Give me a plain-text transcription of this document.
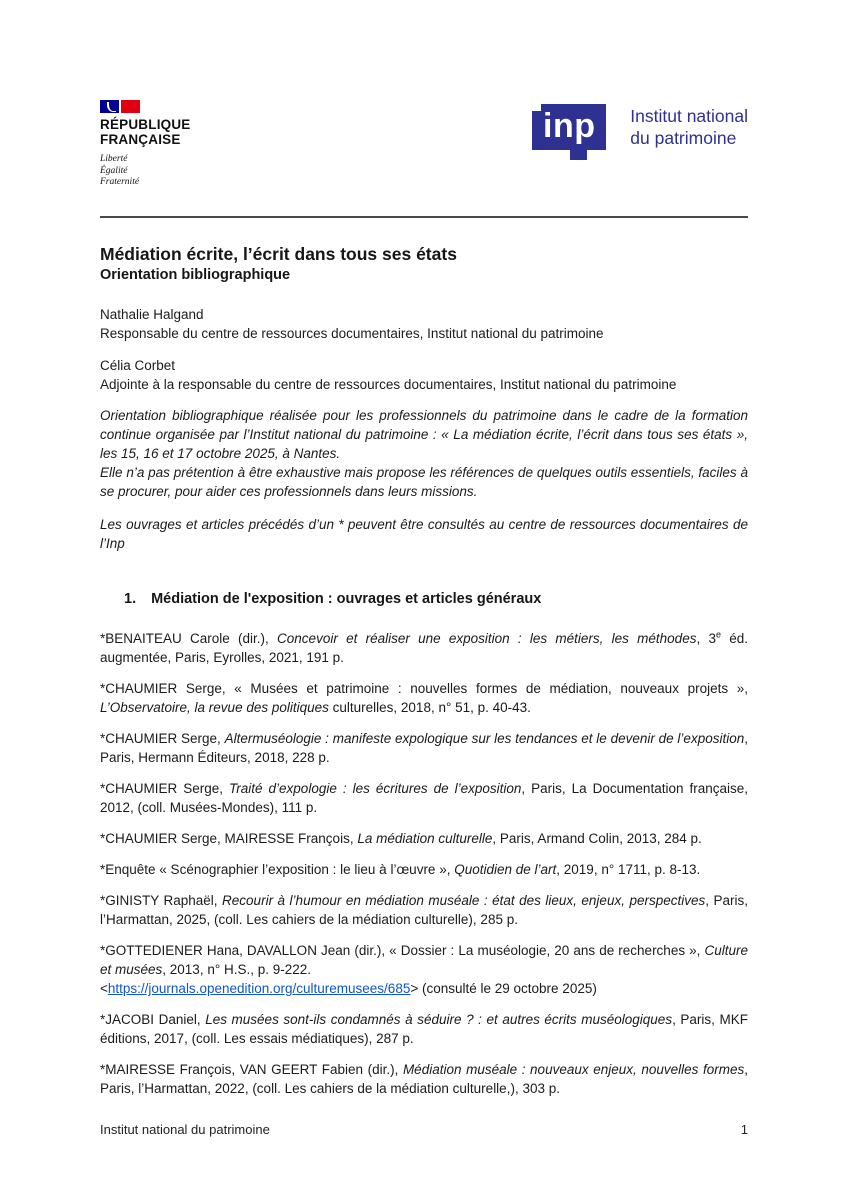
RÉPUBLIQUE
FRANÇAISE
Liberté
Égalité
Fraternité
inp Institut national
du patrimoine
Médiation écrite, l’écrit dans tous ses états
Orientation bibliographique

Nathalie Halgand

Responsable du centre de ressources documentaires, Institut national du patrimoine

Célia Corbet

Adjointe à la responsable du centre de ressources documentaires, Institut national du patrimoine

Orientation bibliographique réalisée pour les professionnels du patrimoine dans le cadre de la formation continue organisée par l’Institut national du patrimoine : « La médiation écrite, l’écrit dans tous ses états », les 15, 16 et 17 octobre 2025, à Nantes.

Elle n’a pas prétention à être exhaustive mais propose les références de quelques outils essentiels, faciles à se procurer, pour aider ces professionnels dans leurs missions.

Les ouvrages et articles précédés d’un * peuvent être consultés au centre de ressources documentaires de l’Inp

1. Médiation de l'exposition : ouvrages et articles généraux

*BENAITEAU Carole (dir.), Concevoir et réaliser une exposition : les métiers, les méthodes, 3e éd. augmentée, Paris, Eyrolles, 2021, 191 p.

*CHAUMIER Serge, « Musées et patrimoine : nouvelles formes de médiation, nouveaux projets », L’Observatoire, la revue des politiques culturelles, 2018, n° 51, p. 40-43.

*CHAUMIER Serge, Altermuséologie : manifeste expologique sur les tendances et le devenir de l’exposition, Paris, Hermann Éditeurs, 2018, 228 p.

*CHAUMIER Serge, Traité d’expologie : les écritures de l’exposition, Paris, La Documentation française, 2012, (coll. Musées-Mondes), 111 p.

*CHAUMIER Serge, MAIRESSE François, La médiation culturelle, Paris, Armand Colin, 2013, 284 p.

*Enquête « Scénographier l’exposition : le lieu à l’œuvre », Quotidien de l’art, 2019, n° 1711, p. 8-13.

*GINISTY Raphaël, Recourir à l’humour en médiation muséale : état des lieux, enjeux, perspectives, Paris, l’Harmattan, 2025, (coll. Les cahiers de la médiation culturelle), 285 p.

*GOTTEDIENER Hana, DAVALLON Jean (dir.), « Dossier : La muséologie, 20 ans de recherches », Culture et musées, 2013, n° H.S., p. 9-222.
<https://journals.openedition.org/culturemusees/685> (consulté le 29 octobre 2025)

*JACOBI Daniel, Les musées sont-ils condamnés à séduire ? : et autres écrits muséologiques, Paris, MKF éditions, 2017, (coll. Les essais médiatiques), 287 p.

*MAIRESSE François, VAN GEERT Fabien (dir.), Médiation muséale : nouveaux enjeux, nouvelles formes, Paris, l’Harmattan, 2022, (coll. Les cahiers de la médiation culturelle,), 303 p.

Institut national du patrimoine	1
